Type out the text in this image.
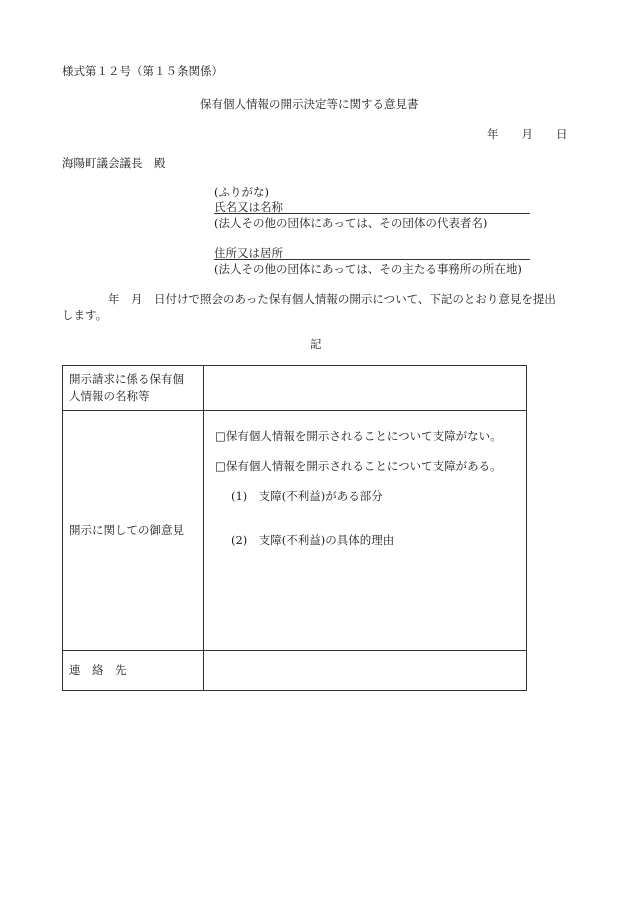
様式第１２号（第１５条関係）
保有個人情報の開示決定等に関する意見書
年　　月　　日
海陽町議会議長　殿
(ふりがな)
氏名又は名称
(法人その他の団体にあっては、その団体の代表者名)
住所又は居所
(法人その他の団体にあっては、その主たる事務所の所在地)
年　月　日付けで照会のあった保有個人情報の開示について、下記のとおり意見を提出
します。
記
開示請求に係る保有個
人情報の名称等	

開示に関しての御意見	□保有個人情報を開示されることについて支障がない。
□保有個人情報を開示されることについて支障がある。
(1)　支障(不利益)がある部分
(2)　支障(不利益)の具体的理由

連　絡　先	
